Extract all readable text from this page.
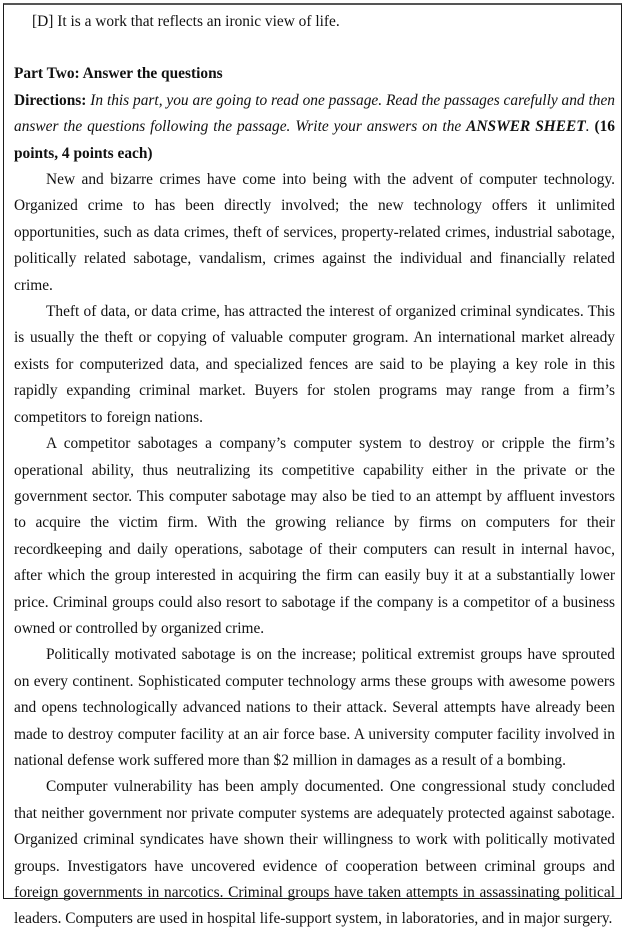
[D] It is a work that reflects an ironic view of life.

Part Two: Answer the questions

Directions: In this part, you are going to read one passage. Read the passages carefully and then answer the questions following the passage. Write your answers on the ANSWER SHEET. (16 points, 4 points each)

New and bizarre crimes have come into being with the advent of computer technology. Organized crime to has been directly involved; the new technology offers it unlimited opportunities, such as data crimes, theft of services, property-related crimes, industrial sabotage, politically related sabotage, vandalism, crimes against the individual and financially related crime.

Theft of data, or data crime, has attracted the interest of organized criminal syndicates. This is usually the theft or copying of valuable computer grogram. An international market already exists for computerized data, and specialized fences are said to be playing a key role in this rapidly expanding criminal market. Buyers for stolen programs may range from a firm’s competitors to foreign nations.

A competitor sabotages a company’s computer system to destroy or cripple the firm’s operational ability, thus neutralizing its competitive capability either in the private or the government sector. This computer sabotage may also be tied to an attempt by affluent investors to acquire the victim firm. With the growing reliance by firms on computers for their recordkeeping and daily operations, sabotage of their computers can result in internal havoc, after which the group interested in acquiring the firm can easily buy it at a substantially lower price. Criminal groups could also resort to sabotage if the company is a competitor of a business owned or controlled by organized crime.

Politically motivated sabotage is on the increase; political extremist groups have sprouted on every continent. Sophisticated computer technology arms these groups with awesome powers and opens technologically advanced nations to their attack. Several attempts have already been made to destroy computer facility at an air force base. A university computer facility involved in national defense work suffered more than $2 million in damages as a result of a bombing.

Computer vulnerability has been amply documented. One congressional study concluded that neither government nor private computer systems are adequately protected against sabotage. Organized criminal syndicates have shown their willingness to work with politically motivated groups. Investigators have uncovered evidence of cooperation between criminal groups and foreign governments in narcotics. Criminal groups have taken attempts in assassinating political leaders. Computers are used in hospital life-support system, in laboratories, and in major surgery.
